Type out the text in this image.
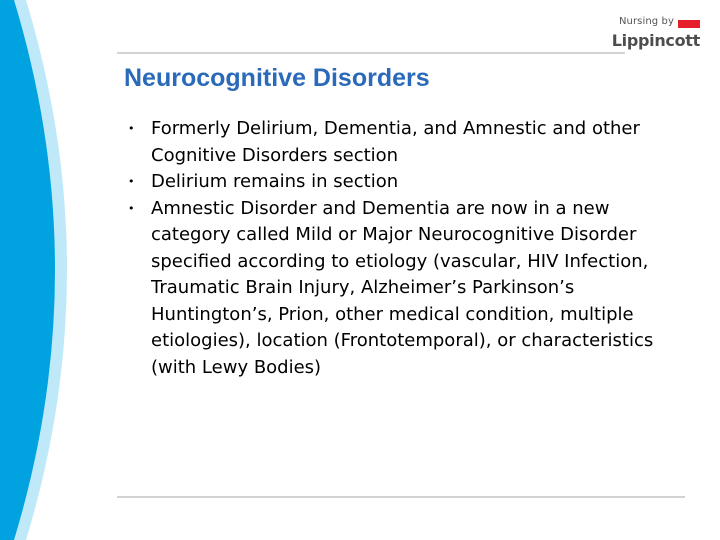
Nursing by
Lippincott
Neurocognitive Disorders
• Formerly Delirium, Dementia, and Amnestic and other Cognitive Disorders section
• Delirium remains in section
• Amnestic Disorder and Dementia are now in a new category called Mild or Major Neurocognitive Disorder specified according to etiology (vascular, HIV Infection, Traumatic Brain Injury, Alzheimer’s Parkinson’s Huntington’s, Prion, other medical condition, multiple etiologies), location (Frontotemporal), or characteristics (with Lewy Bodies)
